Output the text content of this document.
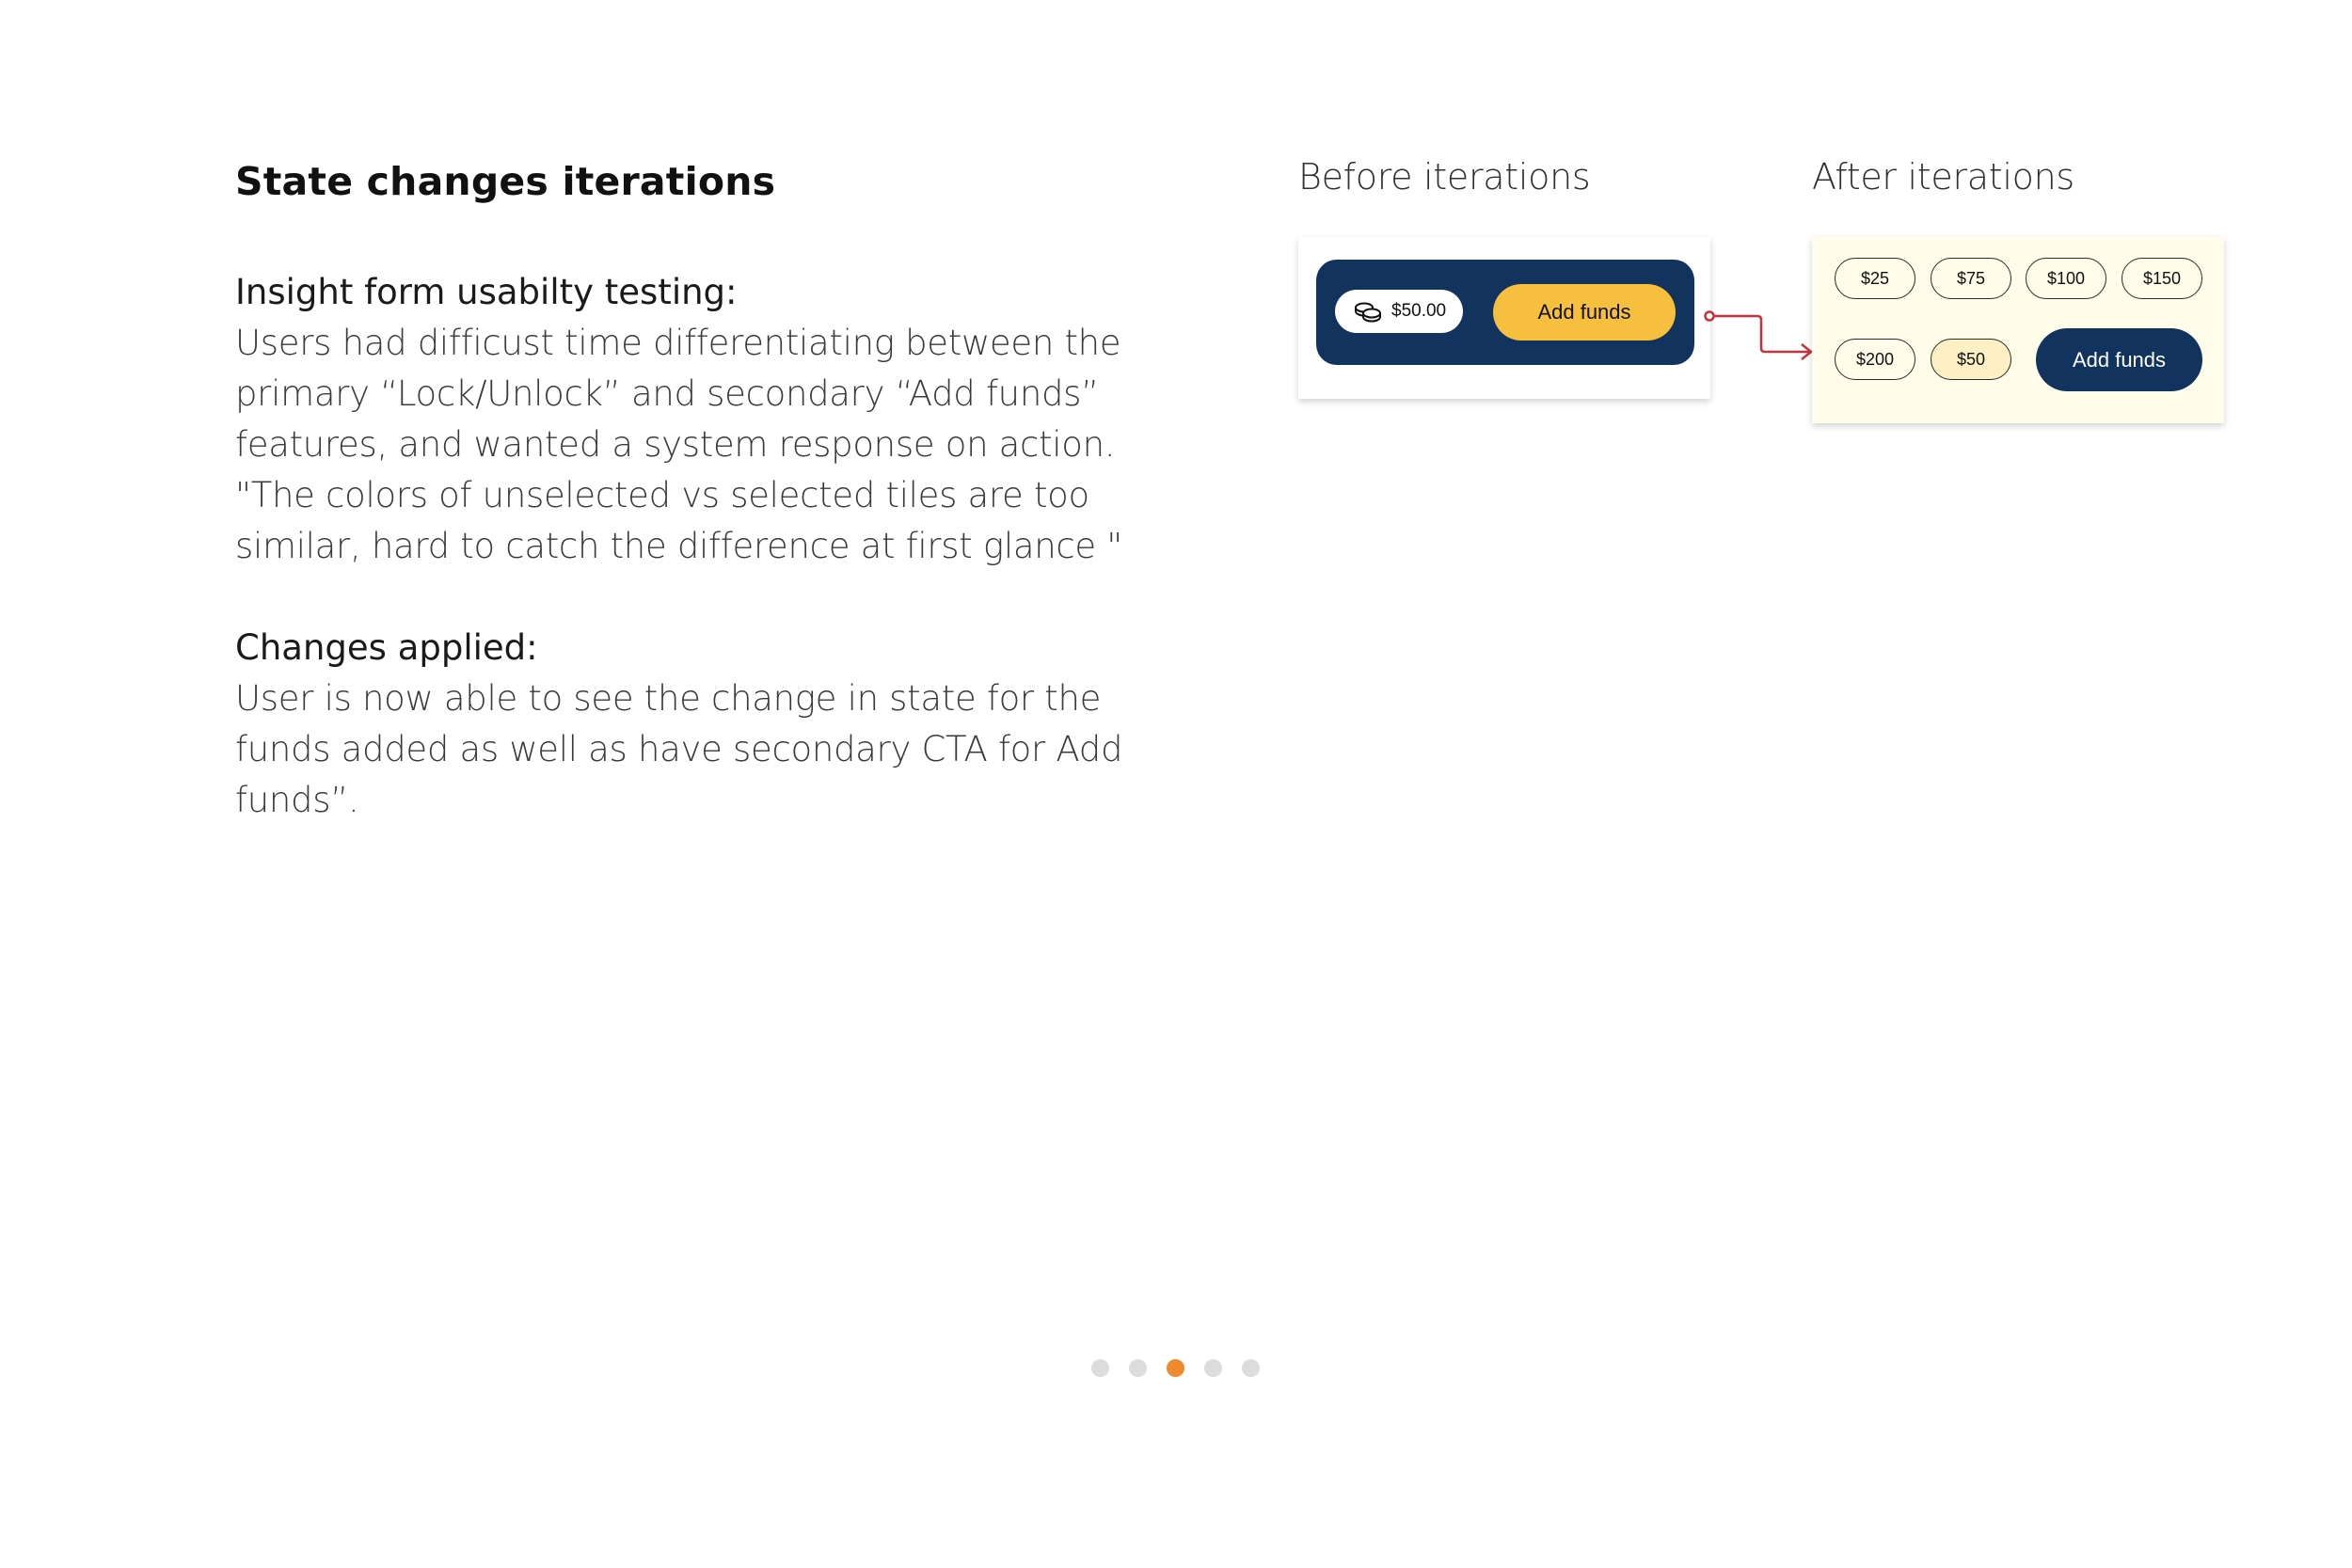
State changes iterations

Insight form usabilty testing:

Users had difficust time differentiating between the
primary “Lock/Unlock” and secondary “Add funds”
features, and wanted a system response on action.
"The colors of unselected vs selected tiles are too
similar, hard to catch the difference at first glance "

Changes applied:

User is now able to see the change in state for the
funds added as well as have secondary CTA for Add
funds”.

Before iterations	After iterations
$50.00	Add funds
$25	$75	$100	$150
$200	$50	Add funds
